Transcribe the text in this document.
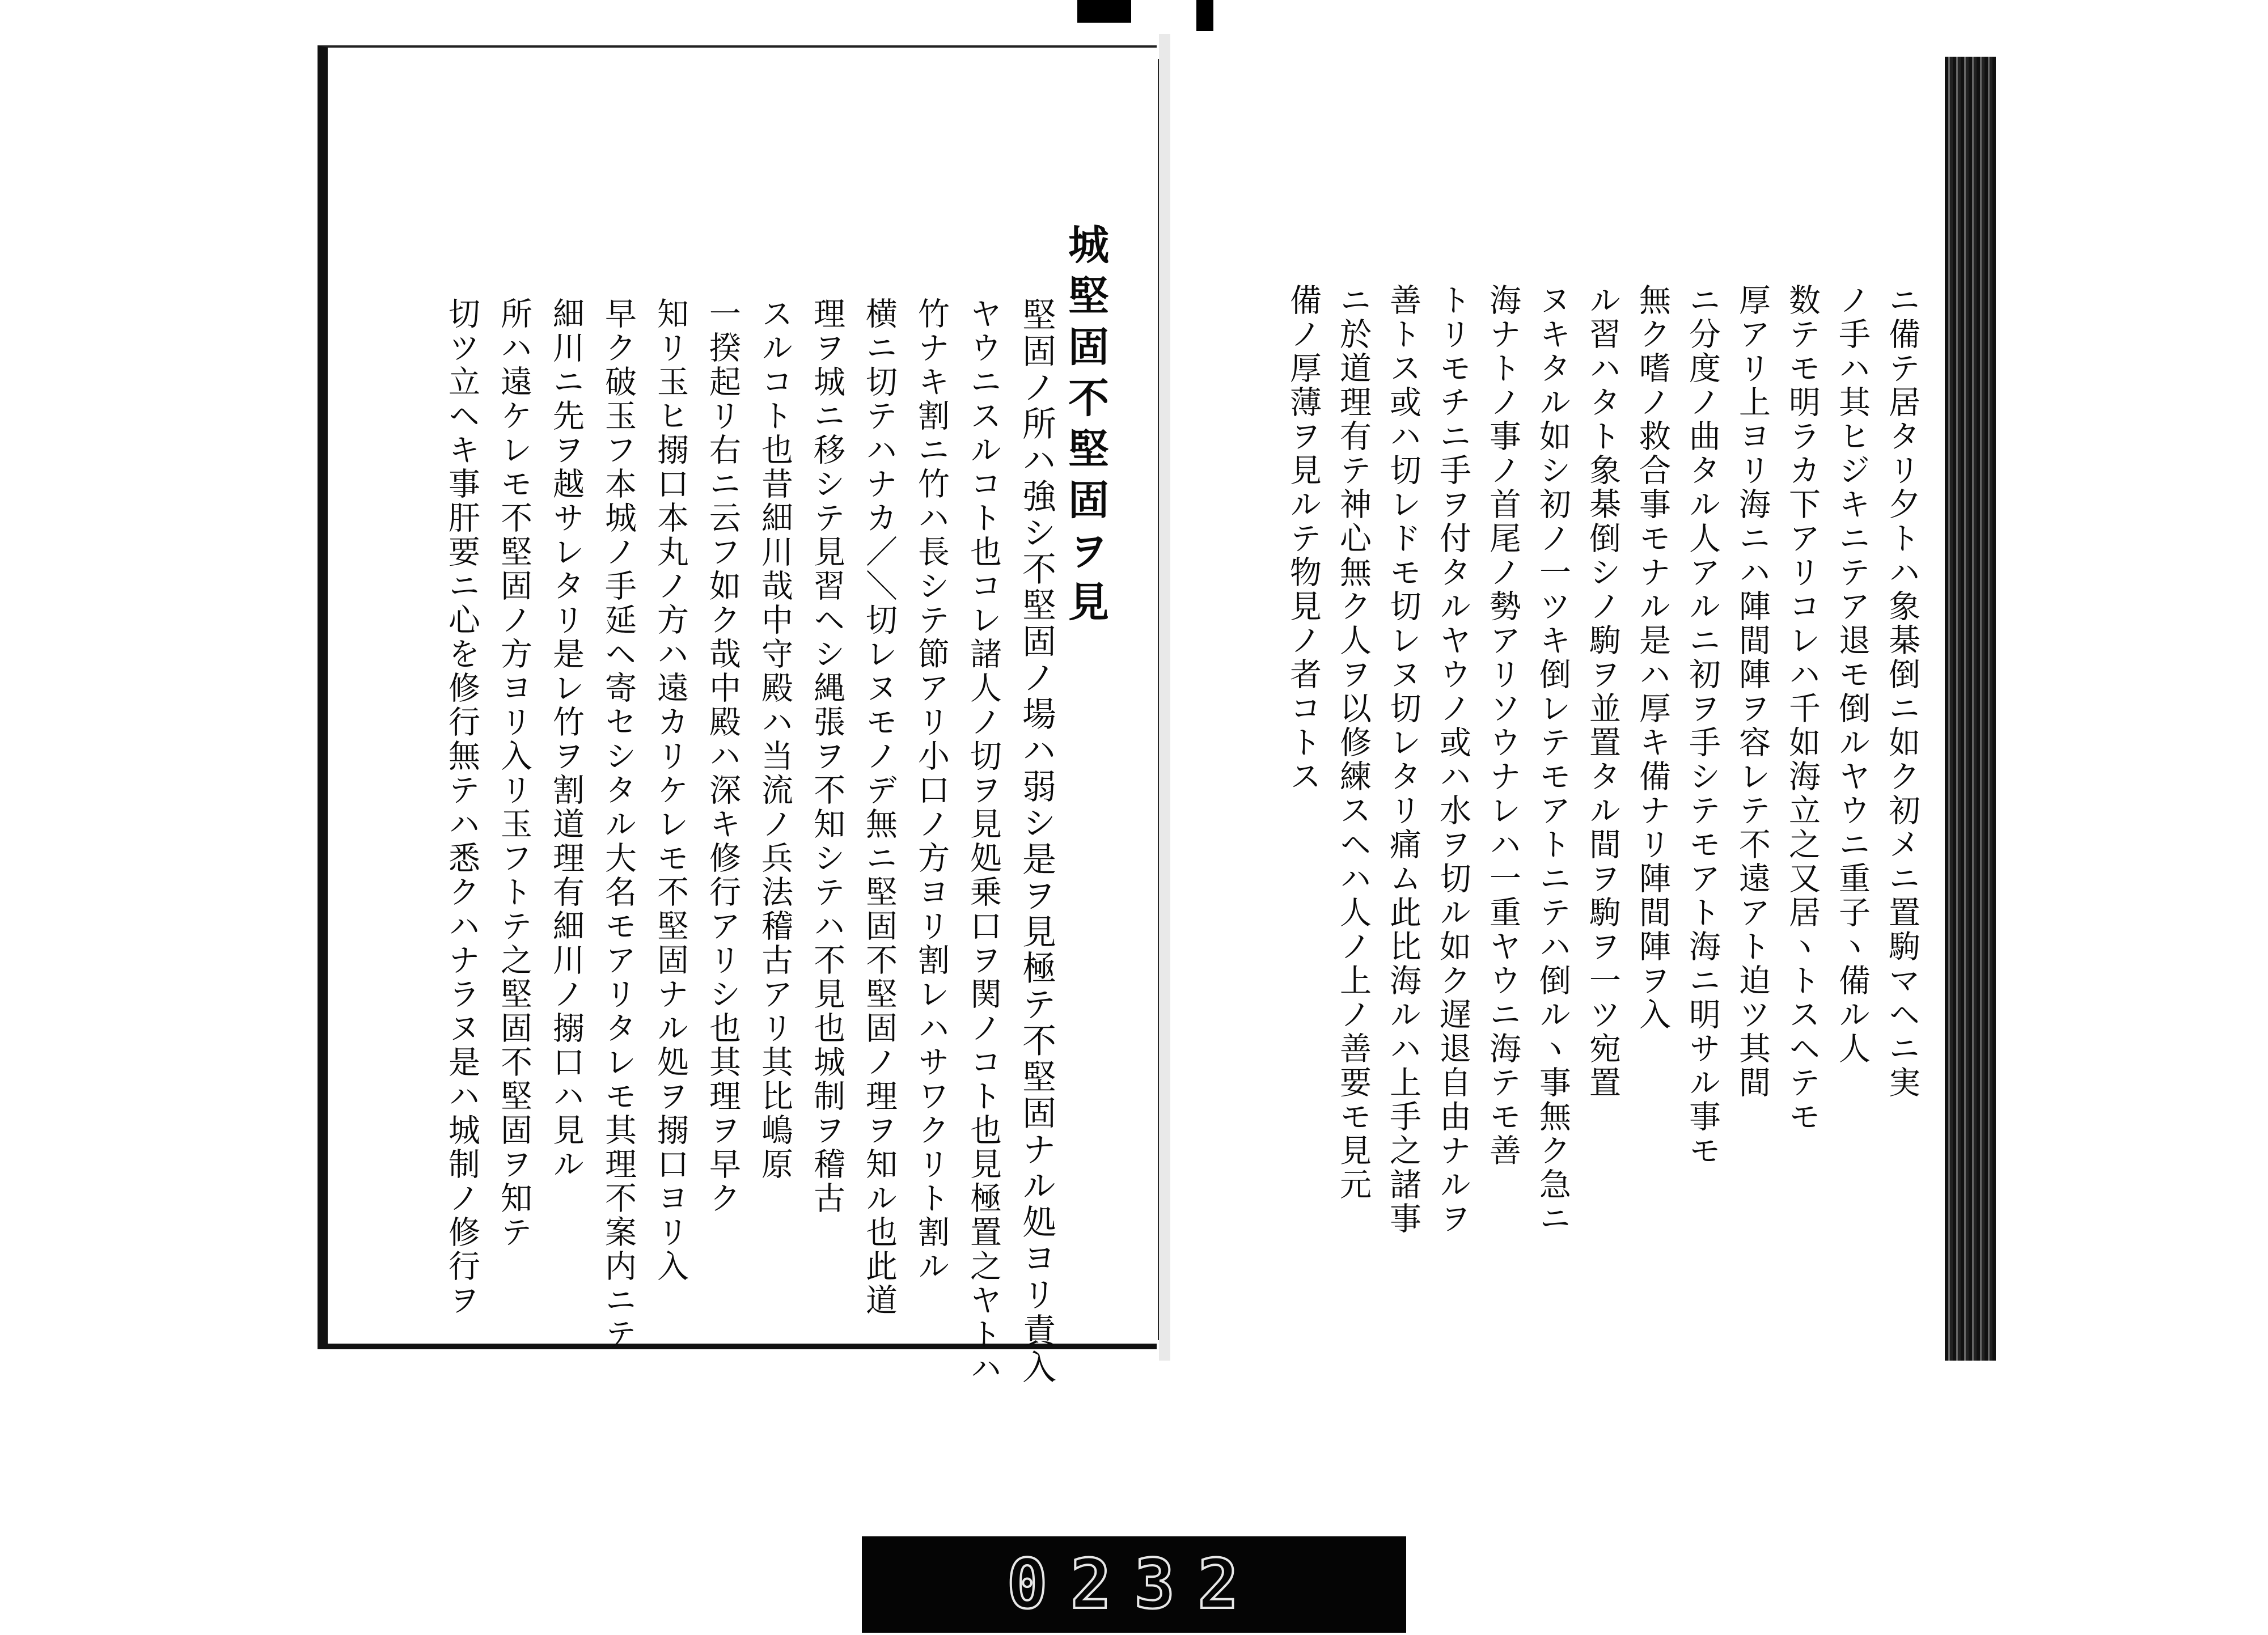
城堅固不堅固ヲ見
堅固ノ所ハ強シ不堅固ノ場ハ弱シ是ヲ見極テ不堅固ナル処ヨリ責入
ヤウニスルコト也コレ諸人ノ切ヲ見処乗口ヲ関ノコト也見極置之ヤトハ
竹ナキ割ニ竹ハ長シテ節アリ小口ノ方ヨリ割レハサワクリト割ル
横ニ切テハナカ／＼切レヌモノデ無ニ堅固不堅固ノ理ヲ知ル也此道
理ヲ城ニ移シテ見習ヘシ縄張ヲ不知シテハ不見也城制ヲ稽古
スルコト也昔細川哉中守殿ハ当流ノ兵法稽古アリ其比嶋原
一揆起リ右ニ云フ如ク哉中殿ハ深キ修行アリシ也其理ヲ早ク
知リ玉ヒ搦口本丸ノ方ハ遠カリケレモ不堅固ナル処ヲ搦口ヨリ入
早ク破玉フ本城ノ手延ヘ寄セシタル大名モアリタレモ其理不案内ニテ
細川ニ先ヲ越サレタリ是レ竹ヲ割道理有細川ノ搦口ハ見ル
所ハ遠ケレモ不堅固ノ方ヨリ入リ玉フトテ之堅固不堅固ヲ知テ
切ツ立ヘキ事肝要ニ心を修行無テハ悉クハナラヌ是ハ城制ノ修行ヲ	ニ備テ居タリ夕トハ象棊倒ニ如ク初メニ置駒マヘニ実
ノ手ハ其ヒジキニテア退モ倒ルヤウニ重子ヽ備ル人
数テモ明ラカ下アリコレハ千如海立之又居ヽトスヘテモ
厚アリ上ヨリ海ニハ陣間陣ヲ容レテ不遠アト迫ツ其間
ニ分度ノ曲タル人アルニ初ヲ手シテモアト海ニ明サル事モ
無ク嗜ノ救合事モナル是ハ厚キ備ナリ陣間陣ヲ入
ル習ハタト象棊倒シノ駒ヲ並置タル間ヲ駒ヲ一ツ宛置
ヌキタル如シ初ノ一ツキ倒レテモアトニテハ倒ルヽ事無ク急ニ
海ナトノ事ノ首尾ノ勢アリソウナレハ一重ヤウニ海テモ善
トリモチニ手ヲ付タルヤウノ或ハ水ヲ切ル如ク遅退自由ナルヲ
善トス或ハ切レドモ切レヌ切レタリ痛ム此比海ルハ上手之諸事
ニ於道理有テ神心無ク人ヲ以修練スヘハ人ノ上ノ善要モ見元
備ノ厚薄ヲ見ルテ物見ノ者コトス
0232
